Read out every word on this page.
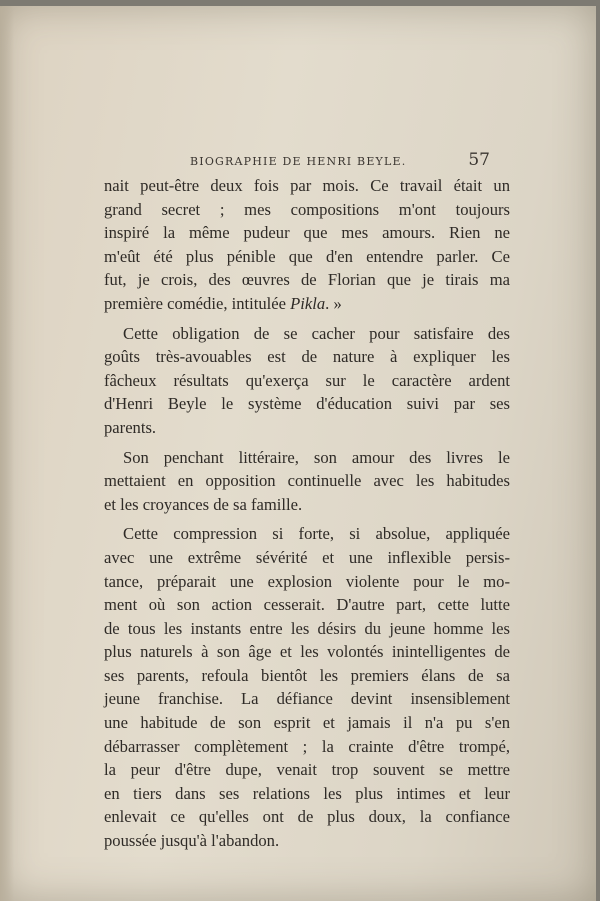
BIOGRAPHIE DE HENRI BEYLE.	57
nait peut-être deux fois par mois. Ce travail était un
grand secret ; mes compositions m'ont toujours
inspiré la même pudeur que mes amours. Rien ne
m'eût été plus pénible que d'en entendre parler. Ce
fut, je crois, des œuvres de Florian que je tirais ma
première comédie, intitulée Pikla. »
Cette obligation de se cacher pour satisfaire des
goûts très-avouables est de nature à expliquer les
fâcheux résultats qu'exerça sur le caractère ardent
d'Henri Beyle le système d'éducation suivi par ses
parents.
Son penchant littéraire, son amour des livres le
mettaient en opposition continuelle avec les habitudes
et les croyances de sa famille.
Cette compression si forte, si absolue, appliquée
avec une extrême sévérité et une inflexible persis-
tance, préparait une explosion violente pour le mo-
ment où son action cesserait. D'autre part, cette lutte
de tous les instants entre les désirs du jeune homme les
plus naturels à son âge et les volontés inintelligentes de
ses parents, refoula bientôt les premiers élans de sa
jeune franchise. La défiance devint insensiblement
une habitude de son esprit et jamais il n'a pu s'en
débarrasser complètement ; la crainte d'être trompé,
la peur d'être dupe, venait trop souvent se mettre
en tiers dans ses relations les plus intimes et leur
enlevait ce qu'elles ont de plus doux, la confiance
poussée jusqu'à l'abandon.
